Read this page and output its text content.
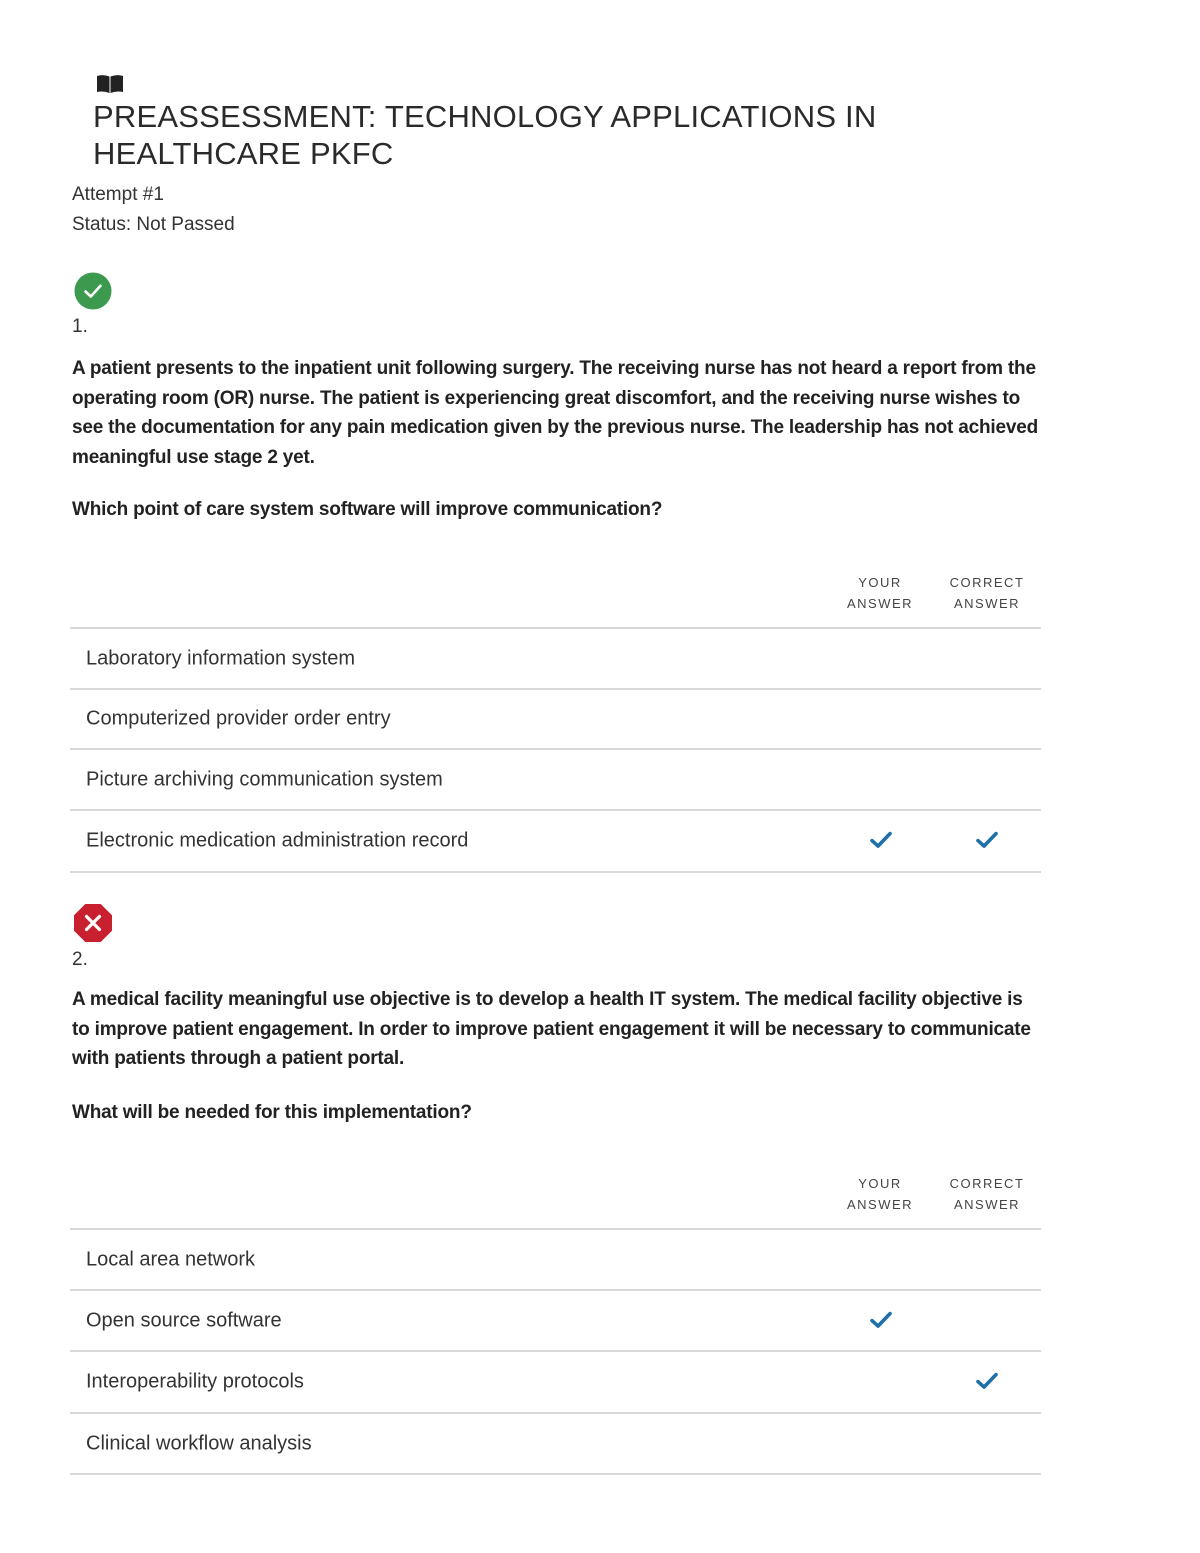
PREASSESSMENT: TECHNOLOGY APPLICATIONS IN HEALTHCARE PKFC
Attempt #1
Status: Not Passed
1.

A patient presents to the inpatient unit following surgery. The receiving nurse has not heard a report from the operating room (OR) nurse. The patient is experiencing great discomfort, and the receiving nurse wishes to see the documentation for any pain medication given by the previous nurse. The leadership has not achieved meaningful use stage 2 yet.

Which point of care system software will improve communication?
YOUR ANSWER
CORRECT ANSWER
Laboratory information system
Computerized provider order entry
Picture archiving communication system
Electronic medication administration record
2.

A medical facility meaningful use objective is to develop a health IT system. The medical facility objective is to improve patient engagement. In order to improve patient engagement it will be necessary to communicate with patients through a patient portal.

What will be needed for this implementation?
YOUR ANSWER
CORRECT ANSWER
Local area network
Open source software
Interoperability protocols
Clinical workflow analysis
